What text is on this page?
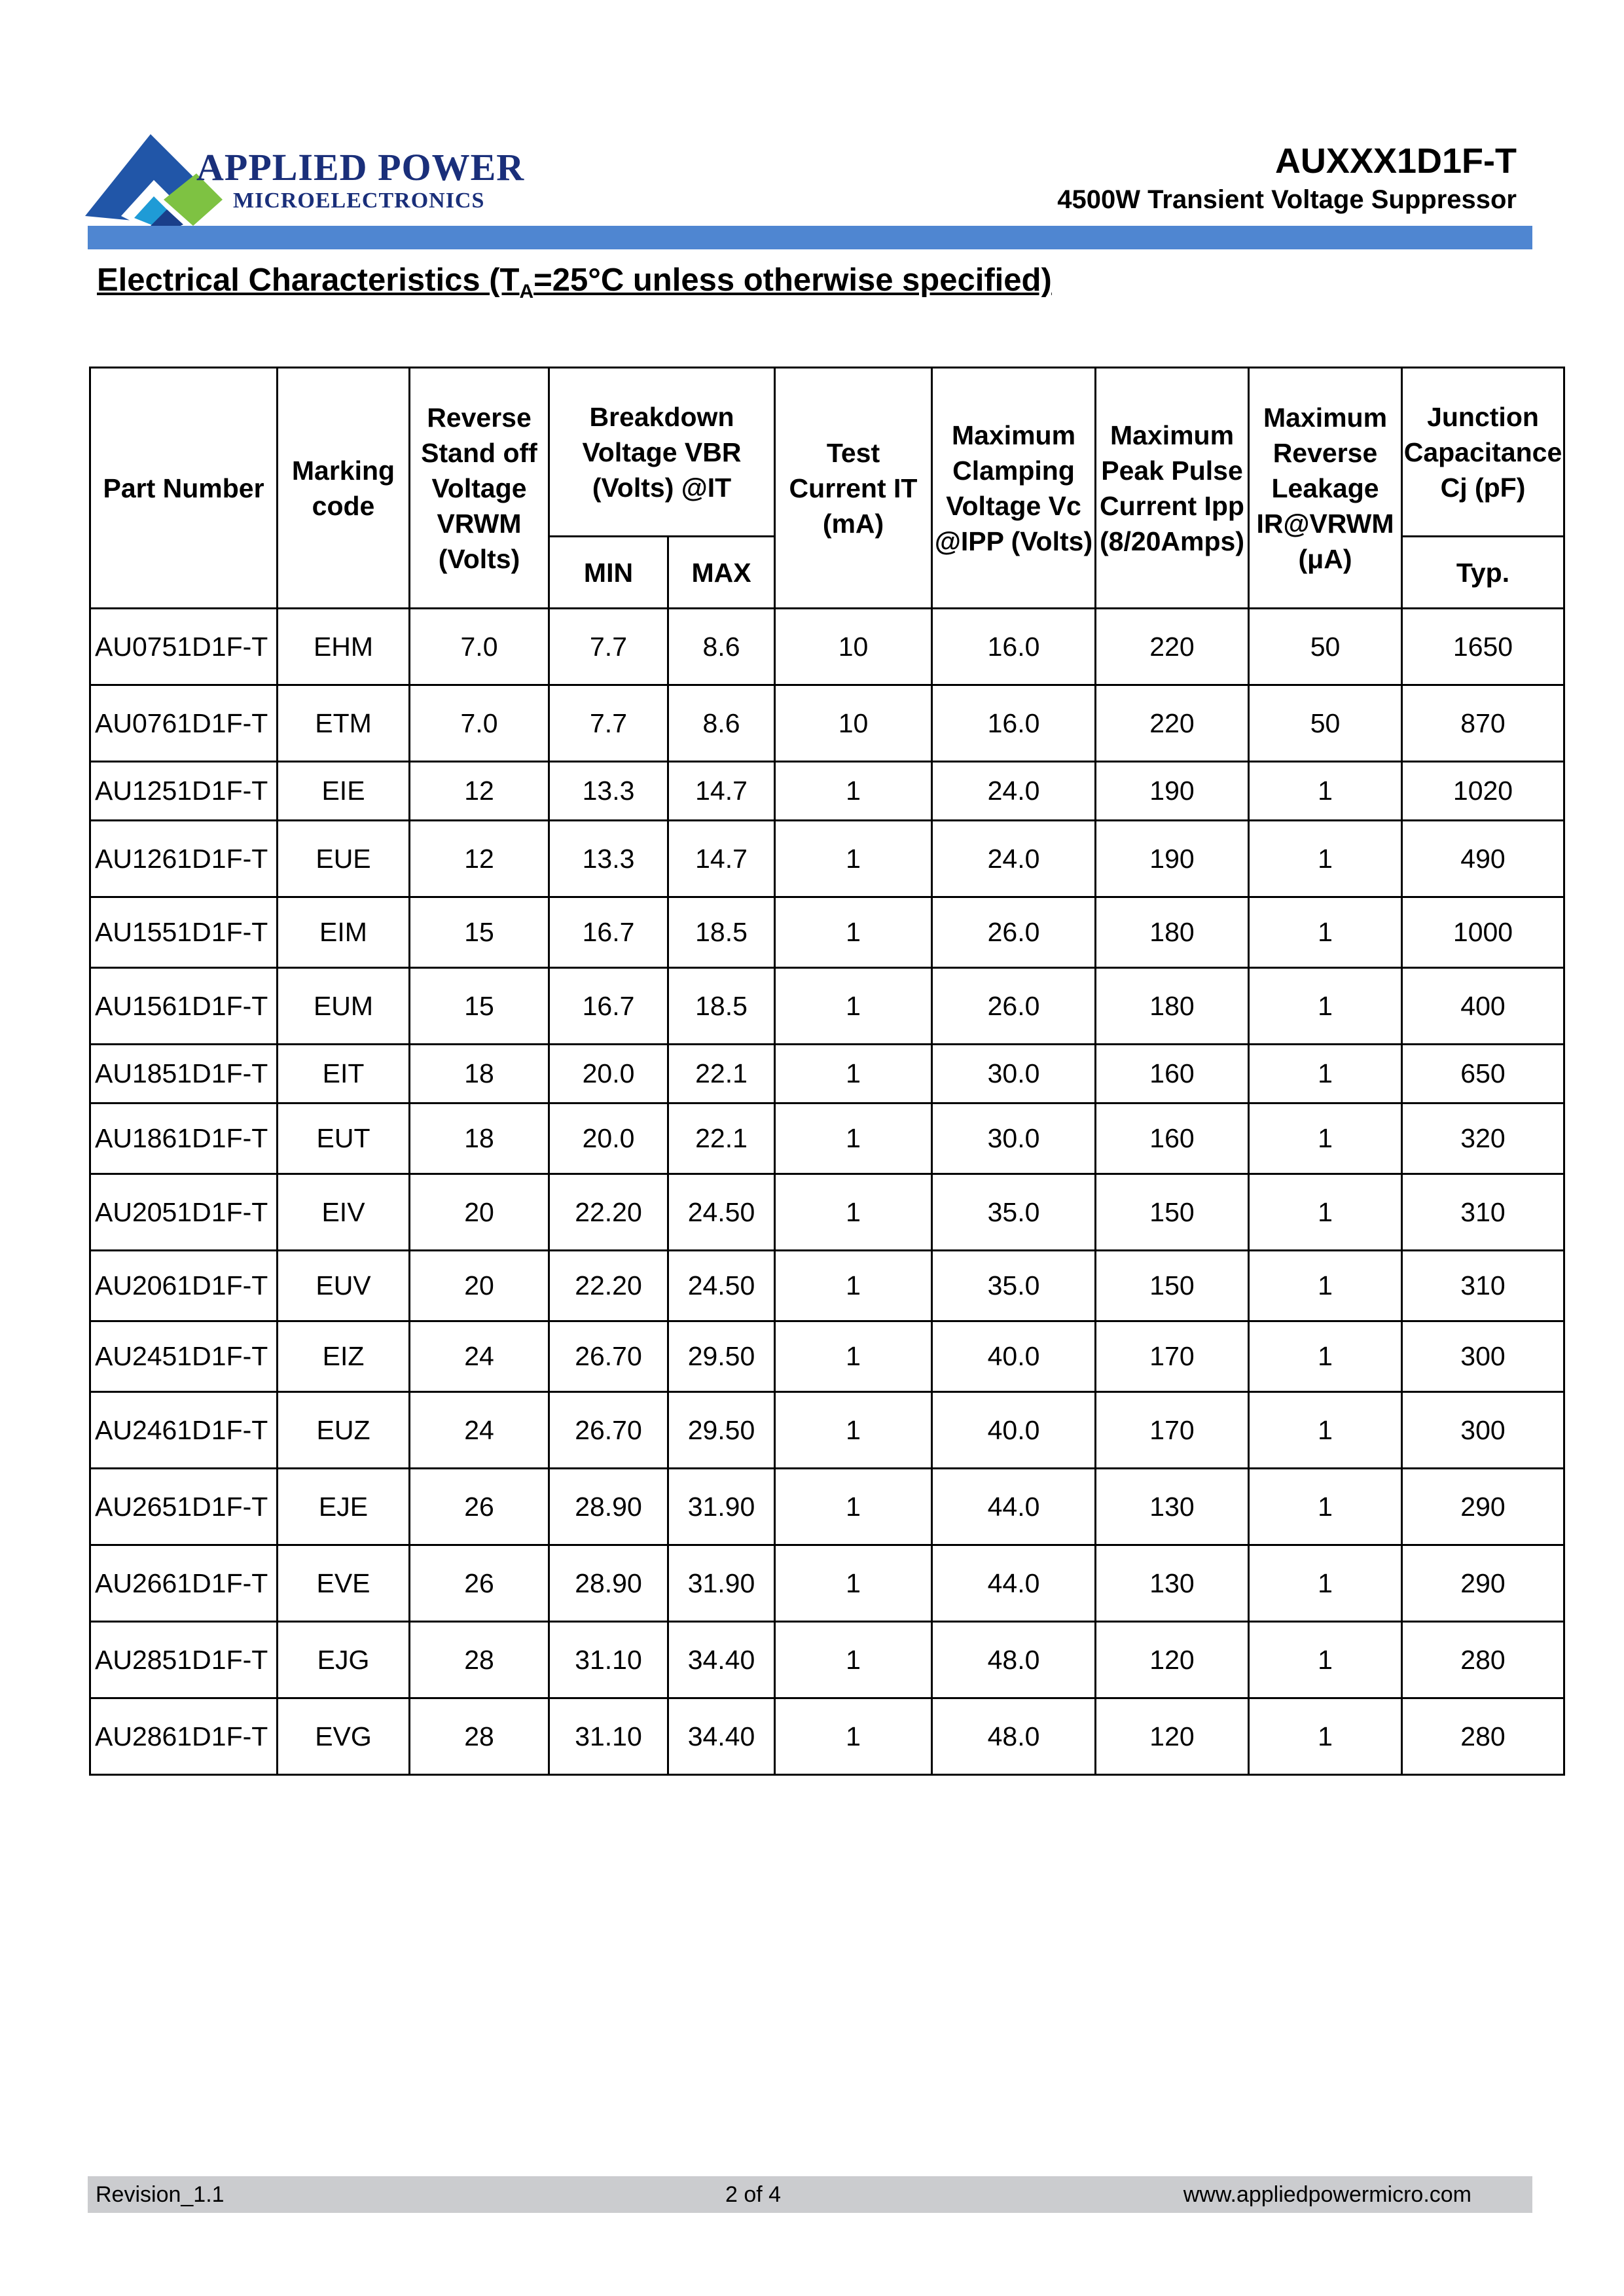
APPLIED POWER
MICROELECTRONICS
AUXXX1D1F-T
4500W Transient Voltage Suppressor
Electrical Characteristics ($T_A=25^\circ C$ unless otherwise specified)
Part Number	Marking code	Reverse Stand off Voltage VRWM (Volts)	Breakdown Voltage VBR (Volts) @IT		Test Current IT (mA)	Maximum Clamping Voltage Vc @IPP (Volts)	Maximum Peak Pulse Current Ipp (8/20Amps)	Maximum Reverse Leakage IR@VRWM (μA)	Junction Capacitance Cj (pF)
			MIN	MAX					Typ.
AU0751D1F-T	EHM	7.0	7.7	8.6	10	16.0	220	50	1650
AU0761D1F-T	ETM	7.0	7.7	8.6	10	16.0	220	50	870
AU1251D1F-T	EIE	12	13.3	14.7	1	24.0	190	1	1020
AU1261D1F-T	EUE	12	13.3	14.7	1	24.0	190	1	490
AU1551D1F-T	EIM	15	16.7	18.5	1	26.0	180	1	1000
AU1561D1F-T	EUM	15	16.7	18.5	1	26.0	180	1	400
AU1851D1F-T	EIT	18	20.0	22.1	1	30.0	160	1	650
AU1861D1F-T	EUT	18	20.0	22.1	1	30.0	160	1	320
AU2051D1F-T	EIV	20	22.20	24.50	1	35.0	150	1	310
AU2061D1F-T	EUV	20	22.20	24.50	1	35.0	150	1	310
AU2451D1F-T	EIZ	24	26.70	29.50	1	40.0	170	1	300
AU2461D1F-T	EUZ	24	26.70	29.50	1	40.0	170	1	300
AU2651D1F-T	EJE	26	28.90	31.90	1	44.0	130	1	290
AU2661D1F-T	EVE	26	28.90	31.90	1	44.0	130	1	290
AU2851D1F-T	EJG	28	31.10	34.40	1	48.0	120	1	280
AU2861D1F-T	EVG	28	31.10	34.40	1	48.0	120	1	280
Revision_1.1	2 of 4	www.appliedpowermicro.com
